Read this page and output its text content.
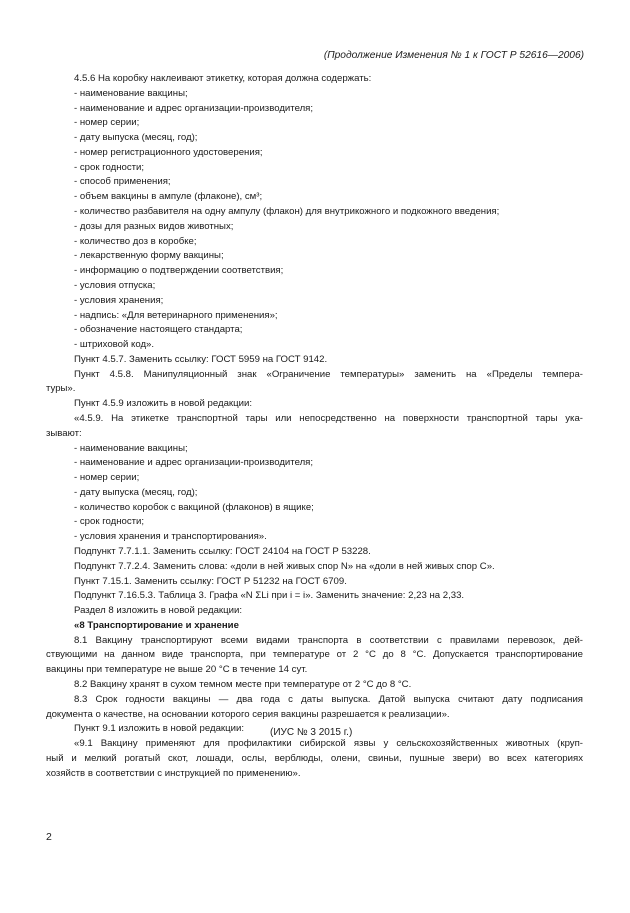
(Продолжение Изменения № 1 к ГОСТ Р 52616—2006)
4.5.6 На коробку наклеивают этикетку, которая должна содержать:
- наименование вакцины;
- наименование и адрес организации-производителя;
- номер серии;
- дату выпуска (месяц, год);
- номер регистрационного удостоверения;
- срок годности;
- способ применения;
- объем вакцины в ампуле (флаконе), см³;
- количество разбавителя на одну ампулу (флакон) для внутрикожного и подкожного введения;
- дозы для разных видов животных;
- количество доз в коробке;
- лекарственную форму вакцины;
- информацию о подтверждении соответствия;
- условия отпуска;
- условия хранения;
- надпись: «Для ветеринарного применения»;
- обозначение настоящего стандарта;
- штриховой код».
Пункт 4.5.7. Заменить ссылку: ГОСТ 5959 на ГОСТ 9142.
Пункт 4.5.8. Манипуляционный знак «Ограничение температуры» заменить на «Пределы темпера-
туры».
Пункт 4.5.9 изложить в новой редакции:
«4.5.9. На этикетке транспортной тары или непосредственно на поверхности транспортной тары ука-
зывают:
- наименование вакцины;
- наименование и адрес организации-производителя;
- номер серии;
- дату выпуска (месяц, год);
- количество коробок с вакциной (флаконов) в ящике;
- срок годности;
- условия хранения и транспортирования».
Подпункт 7.7.1.1. Заменить ссылку: ГОСТ 24104 на ГОСТ Р 53228.
Подпункт 7.7.2.4. Заменить слова: «доли в ней живых спор N» на «доли в ней живых спор C».
Пункт 7.15.1. Заменить ссылку: ГОСТ Р 51232 на ГОСТ 6709.
Подпункт 7.16.5.3. Таблица 3. Графа «N ΣLi при i = i». Заменить значение: 2,23 на 2,33.
Раздел 8 изложить в новой редакции:
«8 Транспортирование и хранение
8.1 Вакцину транспортируют всеми видами транспорта в соответствии с правилами перевозок, дей-
ствующими на данном виде транспорта, при температуре от 2 °С до 8 °С. Допускается транспортирование
вакцины при температуре не выше 20 °С в течение 14 сут.
8.2 Вакцину хранят в сухом темном месте при температуре от 2 °С до 8 °С.
8.3 Срок годности вакцины — два года с даты выпуска. Датой выпуска считают дату подписания
документа о качестве, на основании которого серия вакцины разрешается к реализации».
Пункт 9.1 изложить в новой редакции:
«9.1 Вакцину применяют для профилактики сибирской язвы у сельскохозяйственных животных (круп-
ный и мелкий рогатый скот, лошади, ослы, верблюды, олени, свиньи, пушные звери) во всех категориях
хозяйств в соответствии с инструкцией по применению».
(ИУС № 3 2015 г.)
2
